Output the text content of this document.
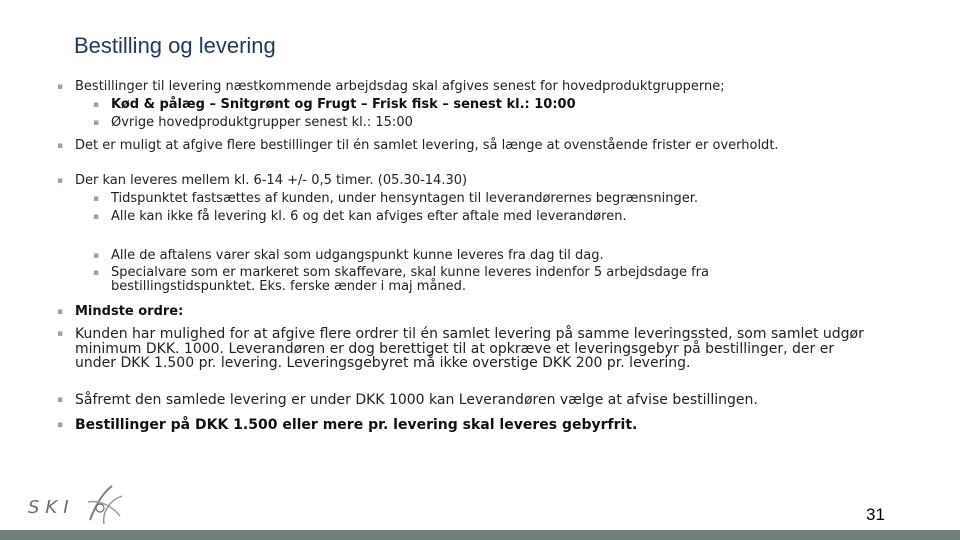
Bestilling og levering
▪ Bestillinger til levering næstkommende arbejdsdag skal afgives senest for hovedproduktgrupperne;
▪ Kød & pålæg – Snitgrønt og Frugt – Frisk fisk – senest kl.: 10:00
▪ Øvrige hovedproduktgrupper senest kl.: 15:00
▪ Det er muligt at afgive flere bestillinger til én samlet levering, så længe at ovenstående frister er overholdt.
▪ Der kan leveres mellem kl. 6-14 +/- 0,5 timer. (05.30-14.30)
▪ Tidspunktet fastsættes af kunden, under hensyntagen til leverandørernes begrænsninger.
▪ Alle kan ikke få levering kl. 6 og det kan afviges efter aftale med leverandøren.
▪ Alle de aftalens varer skal som udgangspunkt kunne leveres fra dag til dag.
▪ Specialvare som er markeret som skaffevare, skal kunne leveres indenfor 5 arbejdsdage fra bestillingstidspunktet. Eks. ferske ænder i maj måned.
▪ Mindste ordre:
▪ Kunden har mulighed for at afgive flere ordrer til én samlet levering på samme leveringssted, som samlet udgør minimum DKK. 1000. Leverandøren er dog berettiget til at opkræve et leveringsgebyr på bestillinger, der er under DKK 1.500 pr. levering. Leveringsgebyret må ikke overstige DKK 200 pr. levering.
▪ Såfremt den samlede levering er under DKK 1000 kan Leverandøren vælge at afvise bestillingen.
▪ Bestillinger på DKK 1.500 eller mere pr. levering skal leveres gebyrfrit.
SKI	31
